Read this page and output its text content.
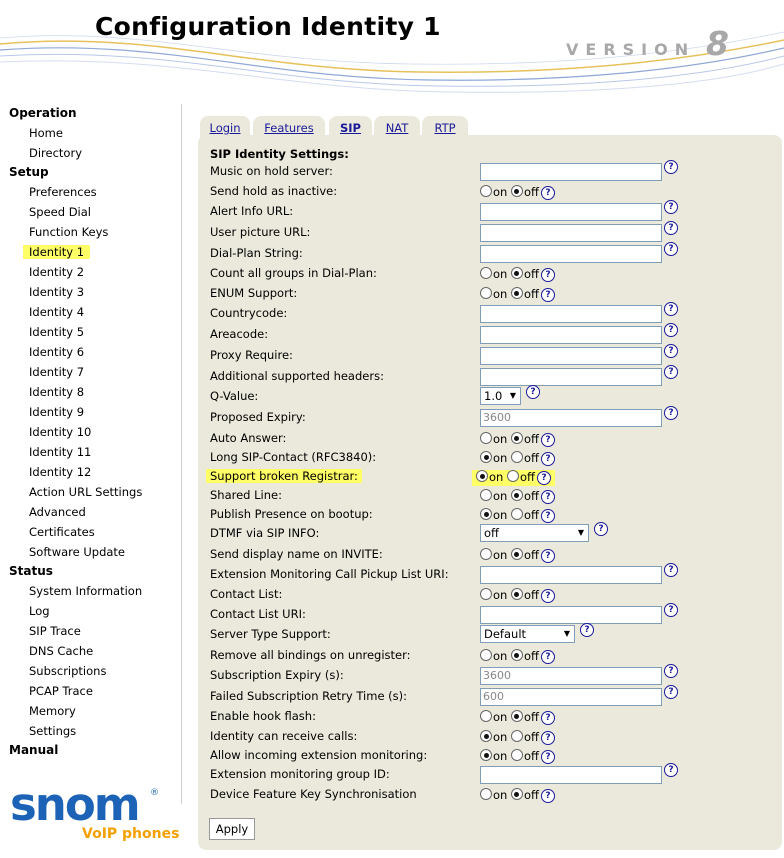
Configuration Identity 1
VERSION 8
Operation
Home
Directory
Setup
Preferences
Speed Dial
Function Keys
Identity 1
Identity 2
Identity 3
Identity 4
Identity 5
Identity 6
Identity 7
Identity 8
Identity 9
Identity 10
Identity 11
Identity 12
Action URL Settings
Advanced
Certificates
Software Update
Status
System Information
Log
SIP Trace
DNS Cache
Subscriptions
PCAP Trace
Memory
Settings
Manual
snom ®
VoIP phones
Login	Features	SIP	NAT	RTP
SIP Identity Settings:
Music on hold server:	?
Send hold as inactive:	on off ?
Alert Info URL:	?
User picture URL:	?
Dial-Plan String:	?
Count all groups in Dial-Plan:	on off ?
ENUM Support:	on off ?
Countrycode:	?
Areacode:	?
Proxy Require:	?
Additional supported headers:	?
Q-Value:	1.0 ▼	?
Proposed Expiry:	3600	?
Auto Answer:	on off ?
Long SIP-Contact (RFC3840):	on off ?
Support broken Registrar:	on off ?
Shared Line:	on off ?
Publish Presence on bootup:	on off ?
DTMF via SIP INFO:	off	▼	?
Send display name on INVITE:	on off ?
Extension Monitoring Call Pickup List URI:	?
Contact List:	on off ?
Contact List URI:	?
Server Type Support:	Default	▼	?
Remove all bindings on unregister:	on off ?
Subscription Expiry (s):	3600	?
Failed Subscription Retry Time (s):	600	?
Enable hook flash:	on off ?
Identity can receive calls:	on off ?
Allow incoming extension monitoring:	on off ?
Extension monitoring group ID:	?
Device Feature Key Synchronisation	on off ?
Apply
